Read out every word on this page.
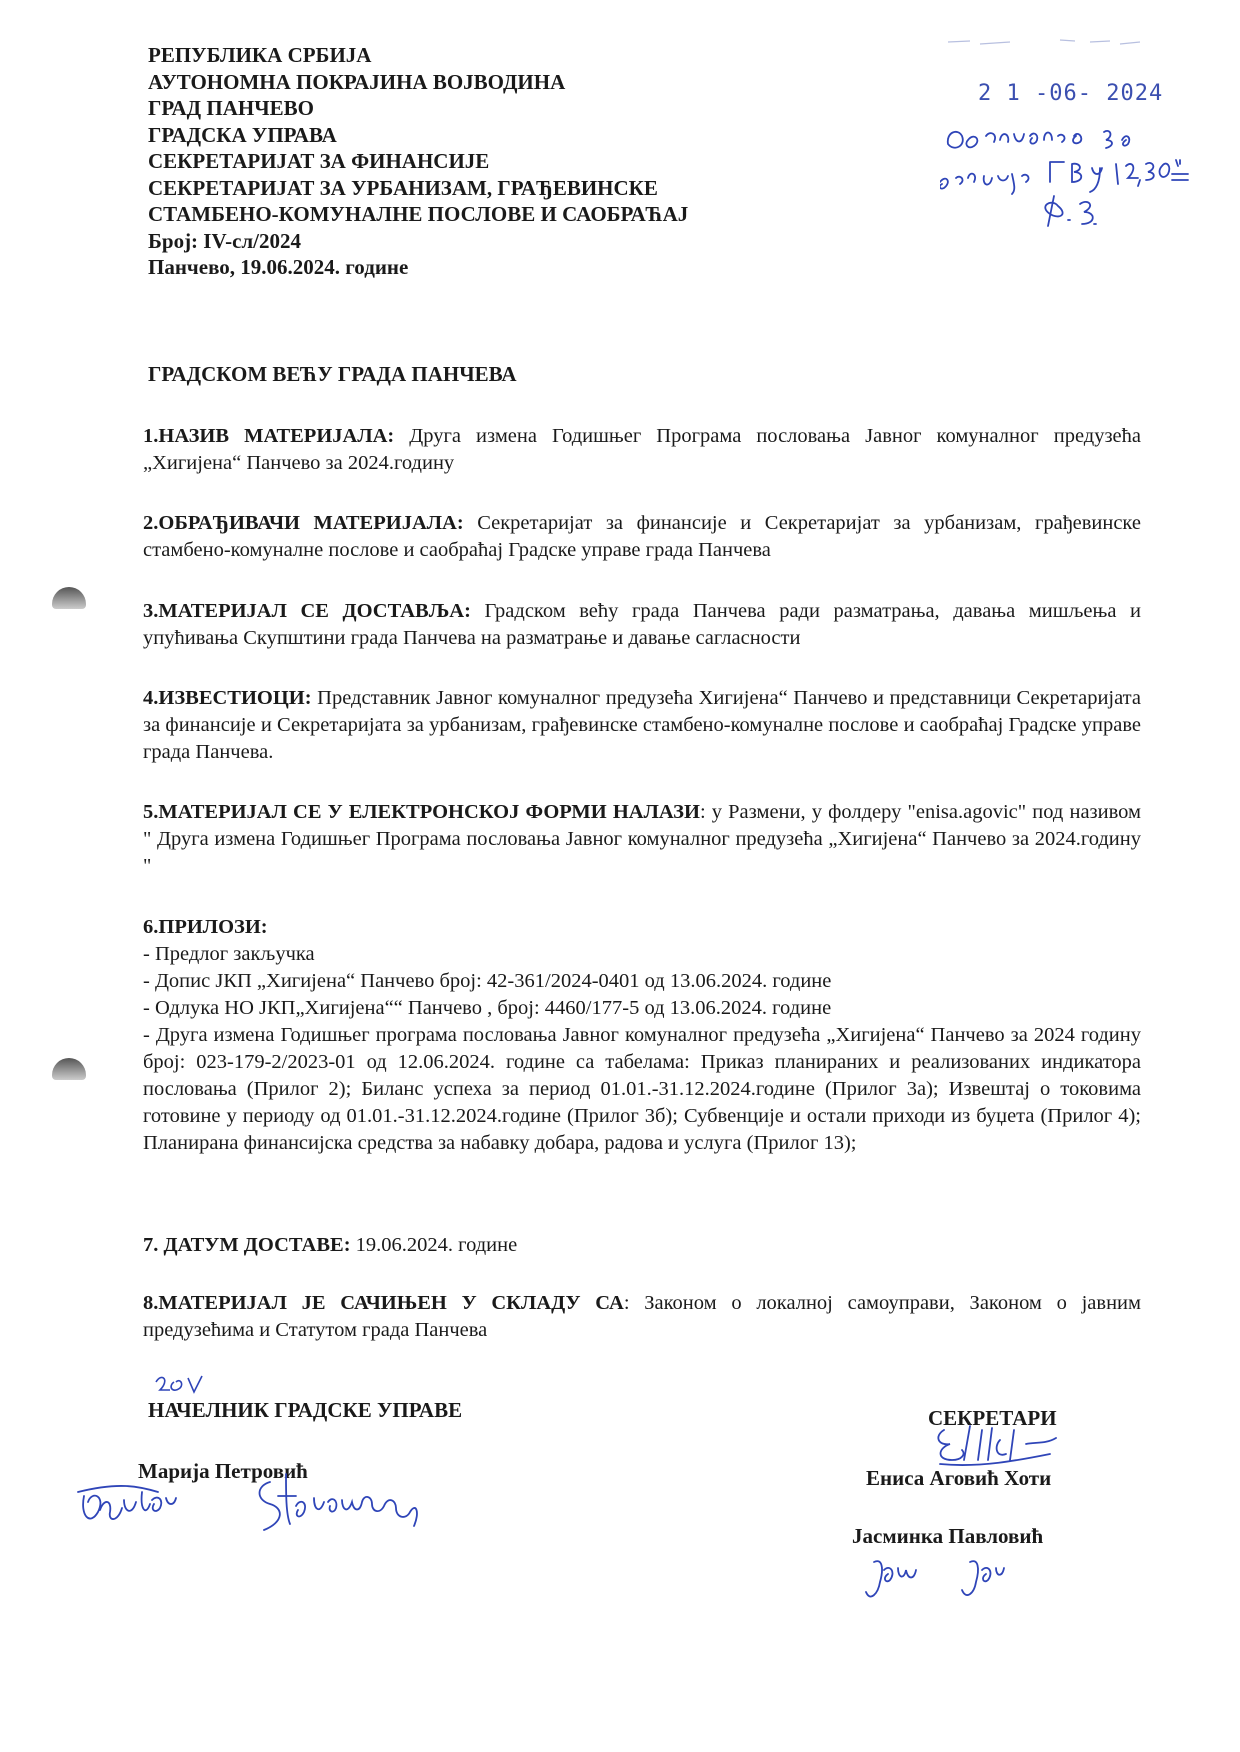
РЕПУБЛИКА СРБИЈА
АУТОНОМНА ПОКРАЈИНА ВОЈВОДИНА
ГРАД ПАНЧЕВО
ГРАДСКА УПРАВА
СЕКРЕТАРИЈАТ ЗА ФИНАНСИЈЕ
СЕКРЕТАРИЈАТ ЗА УРБАНИЗАМ, ГРАЂЕВИНСКЕ
СТАМБЕНО-КОМУНАЛНЕ ПОСЛОВЕ И САОБРАЋАЈ
Број: IV-сл/2024
Панчево, 19.06.2024. године
2 1 -06- 2024
ГРАДСКОМ ВЕЋУ ГРАДА ПАНЧЕВА
1.НАЗИВ МАТЕРИЈАЛА: Друга измена Годишњег Програма пословања Јавног комуналног предузећа „Хигијена“ Панчево за 2024.годину
2.ОБРАЂИВАЧИ МАТЕРИЈАЛА: Секретаријат за финансије и Секретаријат за урбанизам, грађевинске стамбено-комуналне послове и саобраћај Градске управе града Панчева
3.МАТЕРИЈАЛ СЕ ДОСТАВЉА: Градском већу града Панчева ради разматрања, давања мишљења и упућивања Скупштини града Панчева на разматрање и давање сагласности
4.ИЗВЕСТИОЦИ: Представник Јавног комуналног предузећа Хигијена“ Панчево и представници Секретаријата за финансије и Секретаријата за урбанизам, грађевинске стамбено-комуналне послове и саобраћај Градске управе града Панчева.
5.МАТЕРИЈАЛ СЕ У ЕЛЕКТРОНСКОЈ ФОРМИ НАЛАЗИ: у Размени, у фолдеру "enisa.agovic" под називом " Друга измена Годишњег Програма пословања Јавног комуналног предузећа „Хигијена“ Панчево за 2024.годину "
6.ПРИЛОЗИ:
- Предлог закључка
- Допис ЈКП „Хигијена“ Панчево број: 42-361/2024-0401 од 13.06.2024. године
- Одлука НО ЈКП„Хигијена““ Панчево , број: 4460/177-5 од 13.06.2024. године
- Друга измена Годишњег програма пословања Јавног комуналног предузећа „Хигијена“ Панчево за 2024 годину број: 023-179-2/2023-01 од 12.06.2024. године са табелама: Приказ планираних и реализованих индикатора пословања (Прилог 2); Биланс успеха за период 01.01.-31.12.2024.године (Прилог 3а); Извештај о токовима готовине у периоду од 01.01.-31.12.2024.године (Прилог 3б); Субвенције и остали приходи из буџета (Прилог 4); Планирана финансијска средства за набавку добара, радова и услуга (Прилог 13);
7. ДАТУМ ДОСТАВЕ: 19.06.2024. године
8.МАТЕРИЈАЛ ЈЕ САЧИЊЕН У СКЛАДУ СА: Законом о локалној самоуправи, Законом о јавним предузећима и Статутом града Панчева
НАЧЕЛНИК ГРАДСКЕ УПРАВЕ
Марија Петровић
СЕКРЕТАРИ
Ениса Аговић Хоти
Јасминка Павловић
